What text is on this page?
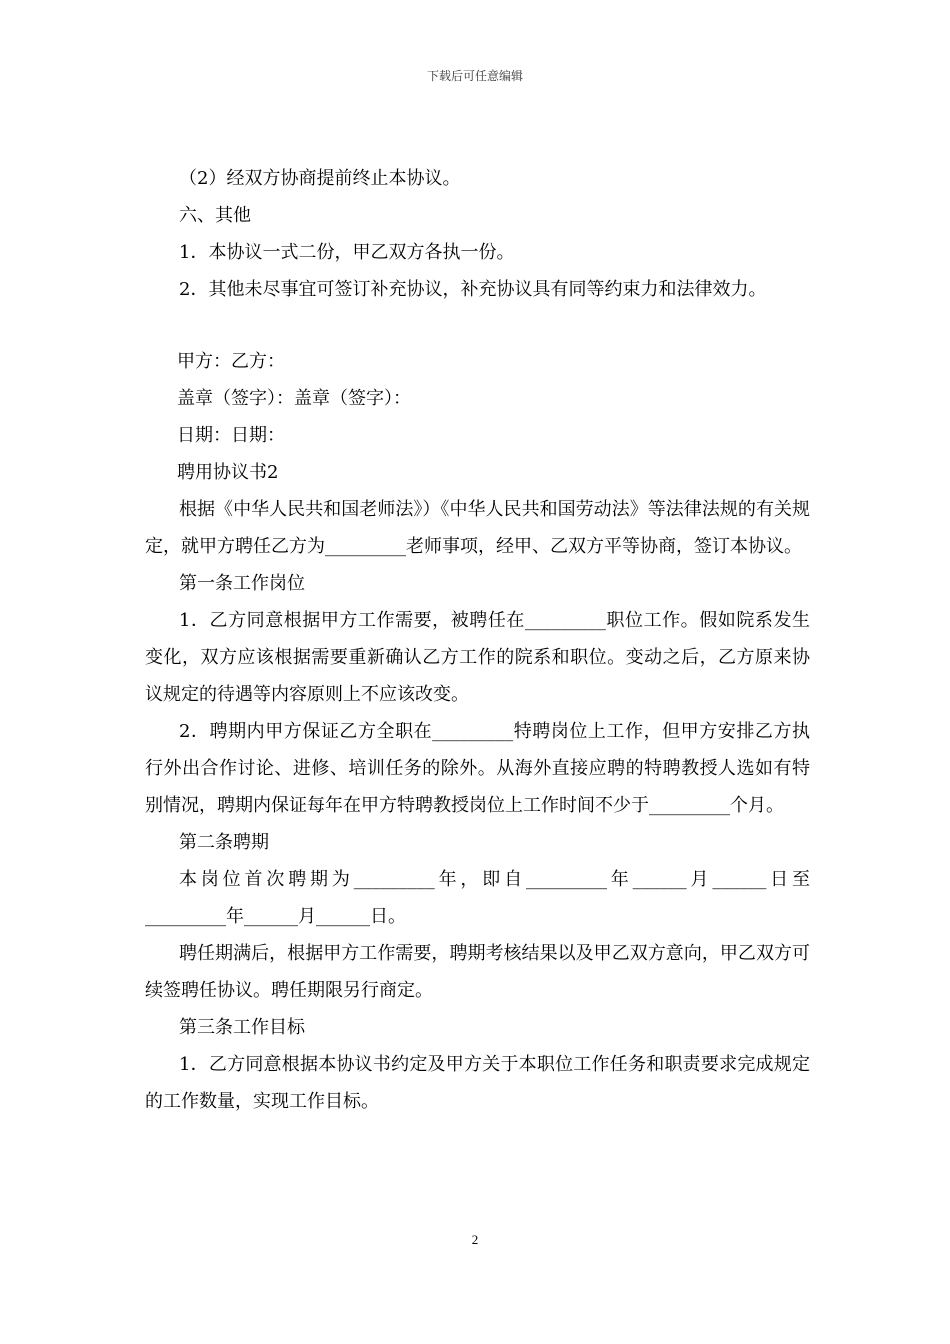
下载后可任意编辑

（2）经双方协商提前终止本协议。

六、其他

1．本协议一式二份，甲乙双方各执一份。

2．其他未尽事宜可签订补充协议，补充协议具有同等约束力和法律效力。

甲方：乙方：

盖章（签字）：盖章（签字）：

日期：日期：

聘用协议书2

根据《中华人民共和国老师法》）《中华人民共和国劳动法》等法律法规的有关规定，就甲方聘任乙方为_________老师事项，经甲、乙双方平等协商，签订本协议。

第一条工作岗位

1．乙方同意根据甲方工作需要，被聘任在_________职位工作。假如院系发生变化，双方应该根据需要重新确认乙方工作的院系和职位。变动之后，乙方原来协议规定的待遇等内容原则上不应该改变。

2．聘期内甲方保证乙方全职在_________特聘岗位上工作，但甲方安排乙方执行外出合作讨论、进修、培训任务的除外。从海外直接应聘的特聘教授人选如有特别情况，聘期内保证每年在甲方特聘教授岗位上工作时间不少于_________个月。

第二条聘期

本岗位首次聘期为_________年，即自_________年______月______日至_________年______月______日。

聘任期满后，根据甲方工作需要，聘期考核结果以及甲乙双方意向，甲乙双方可续签聘任协议。聘任期限另行商定。

第三条工作目标

1．乙方同意根据本协议书约定及甲方关于本职位工作任务和职责要求完成规定的工作数量，实现工作目标。

2
